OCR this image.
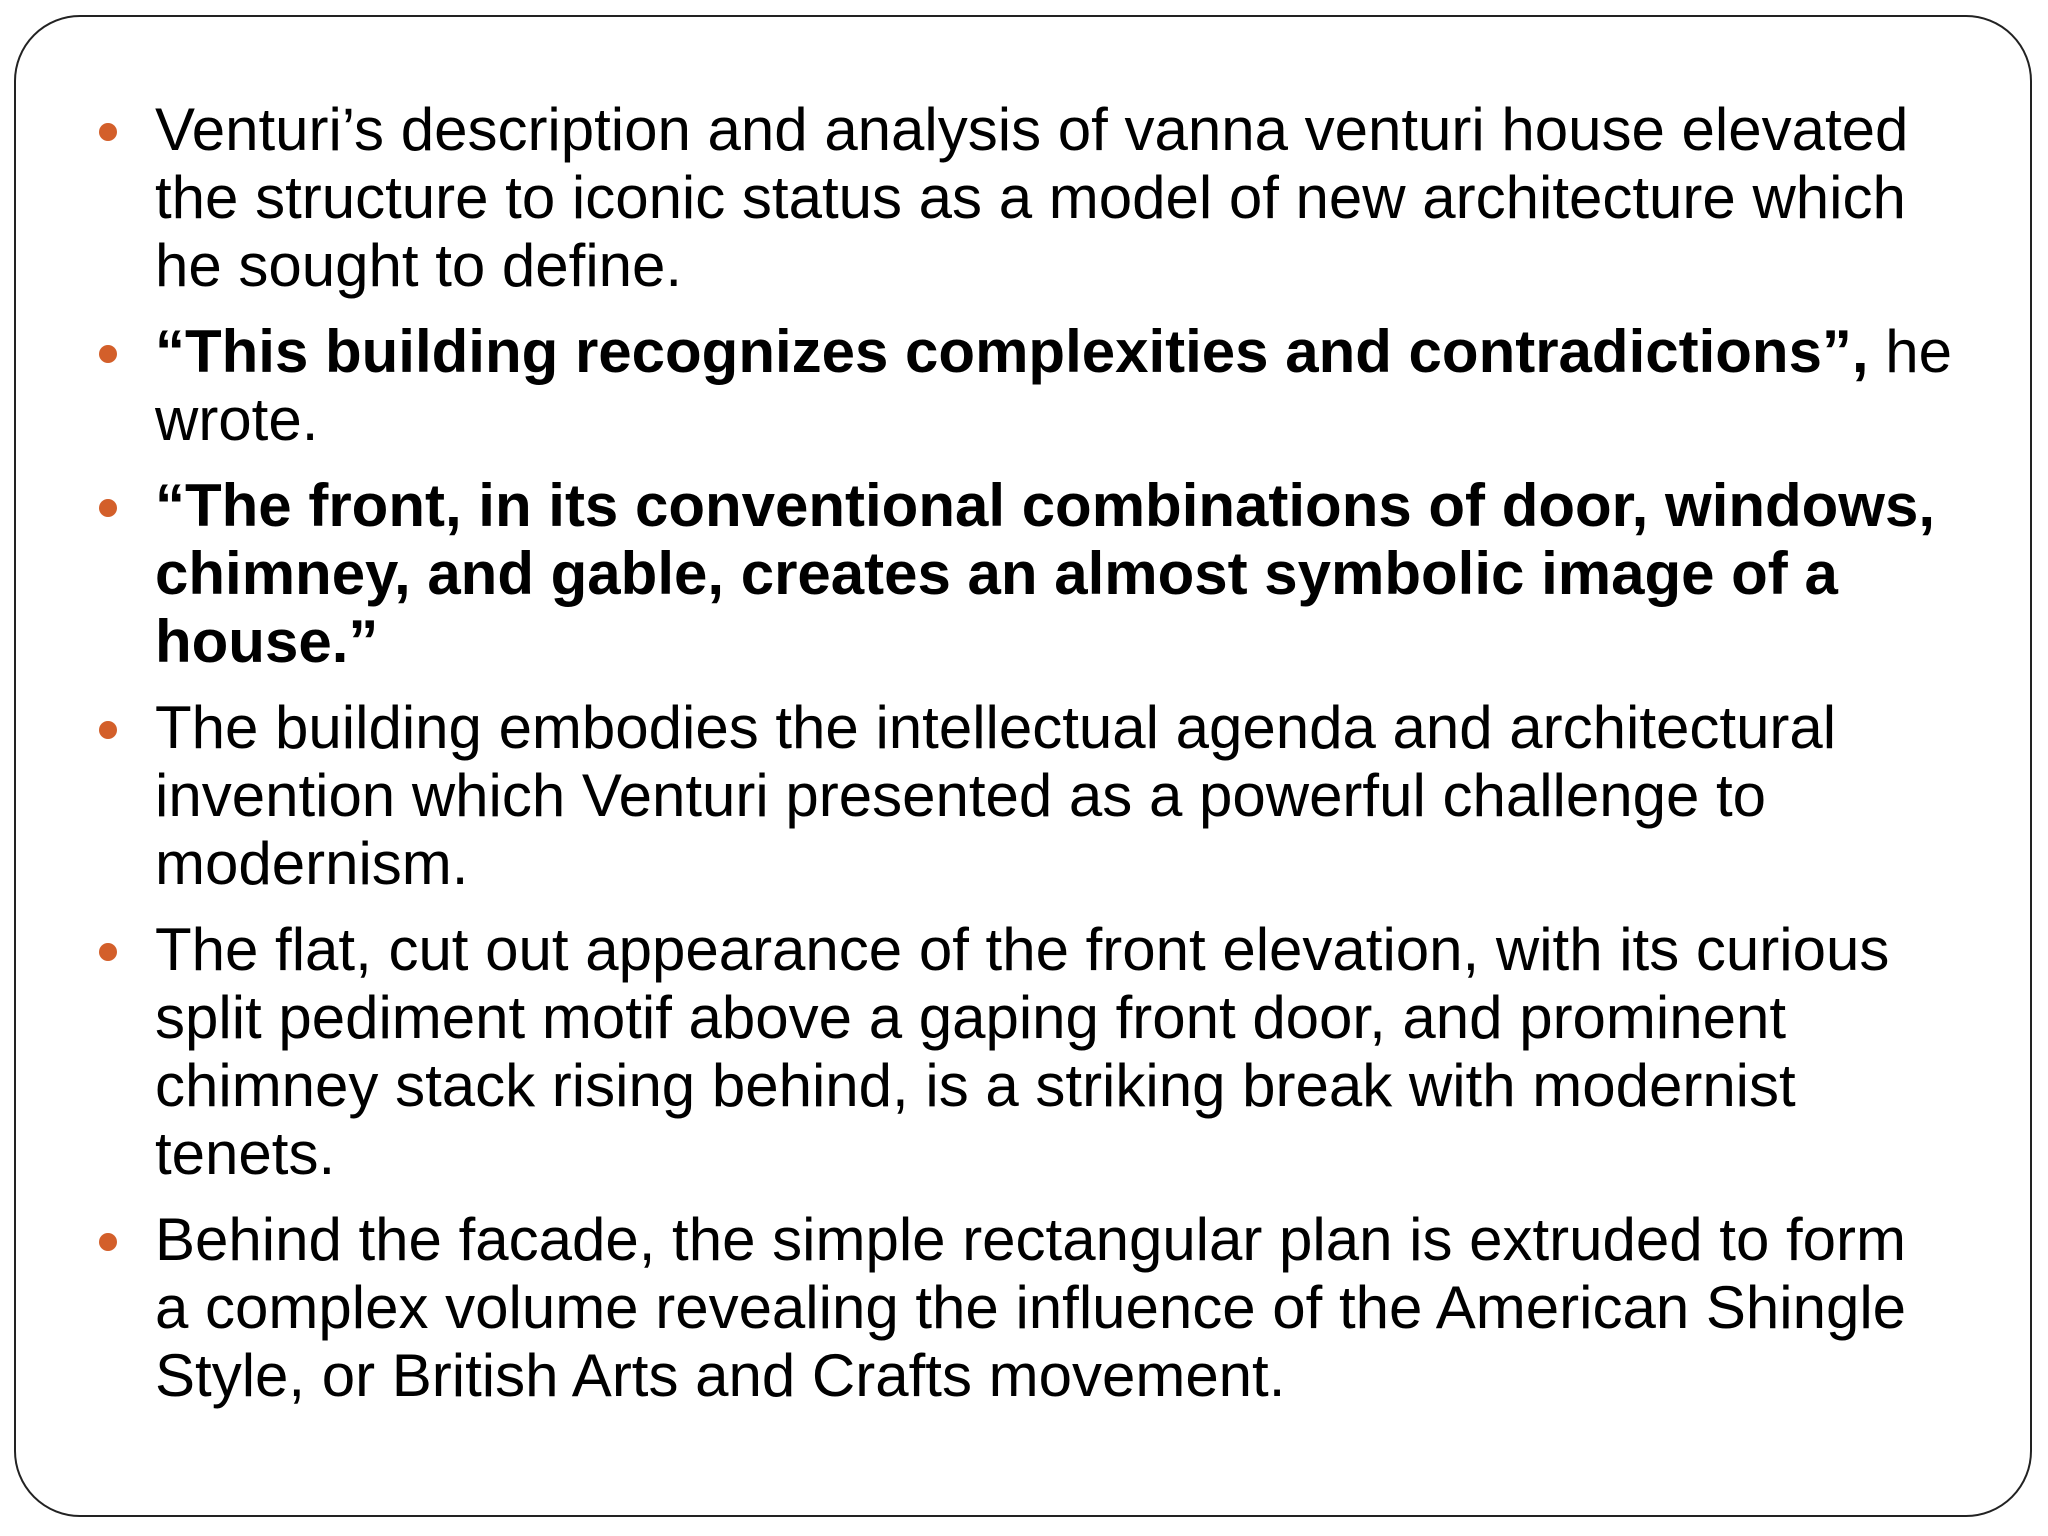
Venturi’s description and analysis of vanna venturi house elevated
the structure to iconic status as a model of new architecture which
he sought to define.
“This building recognizes complexities and contradictions”, he
wrote.
“The front, in its conventional combinations of door, windows,
chimney, and gable, creates an almost symbolic image of a
house.”
The building embodies the intellectual agenda and architectural
invention which Venturi presented as a powerful challenge to
modernism.
The flat, cut out appearance of the front elevation, with its curious
split pediment motif above a gaping front door, and prominent
chimney stack rising behind, is a striking break with modernist
tenets.
Behind the facade, the simple rectangular plan is extruded to form
a complex volume revealing the influence of the American Shingle
Style, or British Arts and Crafts movement.
